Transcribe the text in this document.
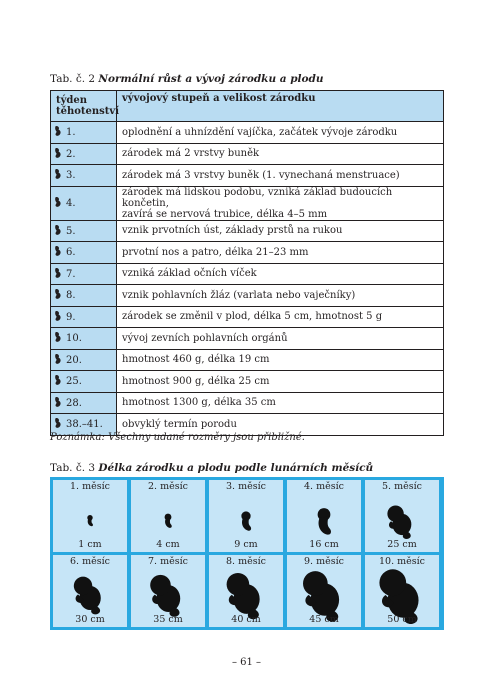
Tab. č. 2 Normální růst a vývoj zárodku a plodu
týden
těhotenství	vývojový stupeň a velikost zárodku
1.	oplodnění a uhnízdění vajíčka, začátek vývoje zárodku
2.	zárodek má 2 vrstvy buněk
3.	zárodek má 3 vrstvy buněk (1. vynechaná menstruace)
4.	zárodek má lidskou podobu, vzniká základ budoucích končetin,
zavírá se nervová trubice, délka 4–5 mm
5.	vznik prvotních úst, základy prstů na rukou
6.	prvotní nos a patro, délka 21–23 mm
7.	vzniká základ očních víček
8.	vznik pohlavních žláz (varlata nebo vaječníky)
9.	zárodek se změnil v plod, délka 5 cm, hmotnost 5 g
10.	vývoj zevních pohlavních orgánů
20.	hmotnost 460 g, délka 19 cm
25.	hmotnost 900 g, délka 25 cm
28.	hmotnost 1300 g, délka 35 cm
38.–41.	obvyklý termín porodu
Poznámka: Všechny udané rozměry jsou přibližné.
Tab. č. 3 Délka zárodku a plodu podle lunárních měsíců
1. měsíc
1 cm
2. měsíc
4 cm
3. měsíc
9 cm
4. měsíc
16 cm
5. měsíc
25 cm
6. měsíc
30 cm
7. měsíc
35 cm
8. měsíc
40 cm
9. měsíc
45 cm
10. měsíc
50 cm
– 61 –
